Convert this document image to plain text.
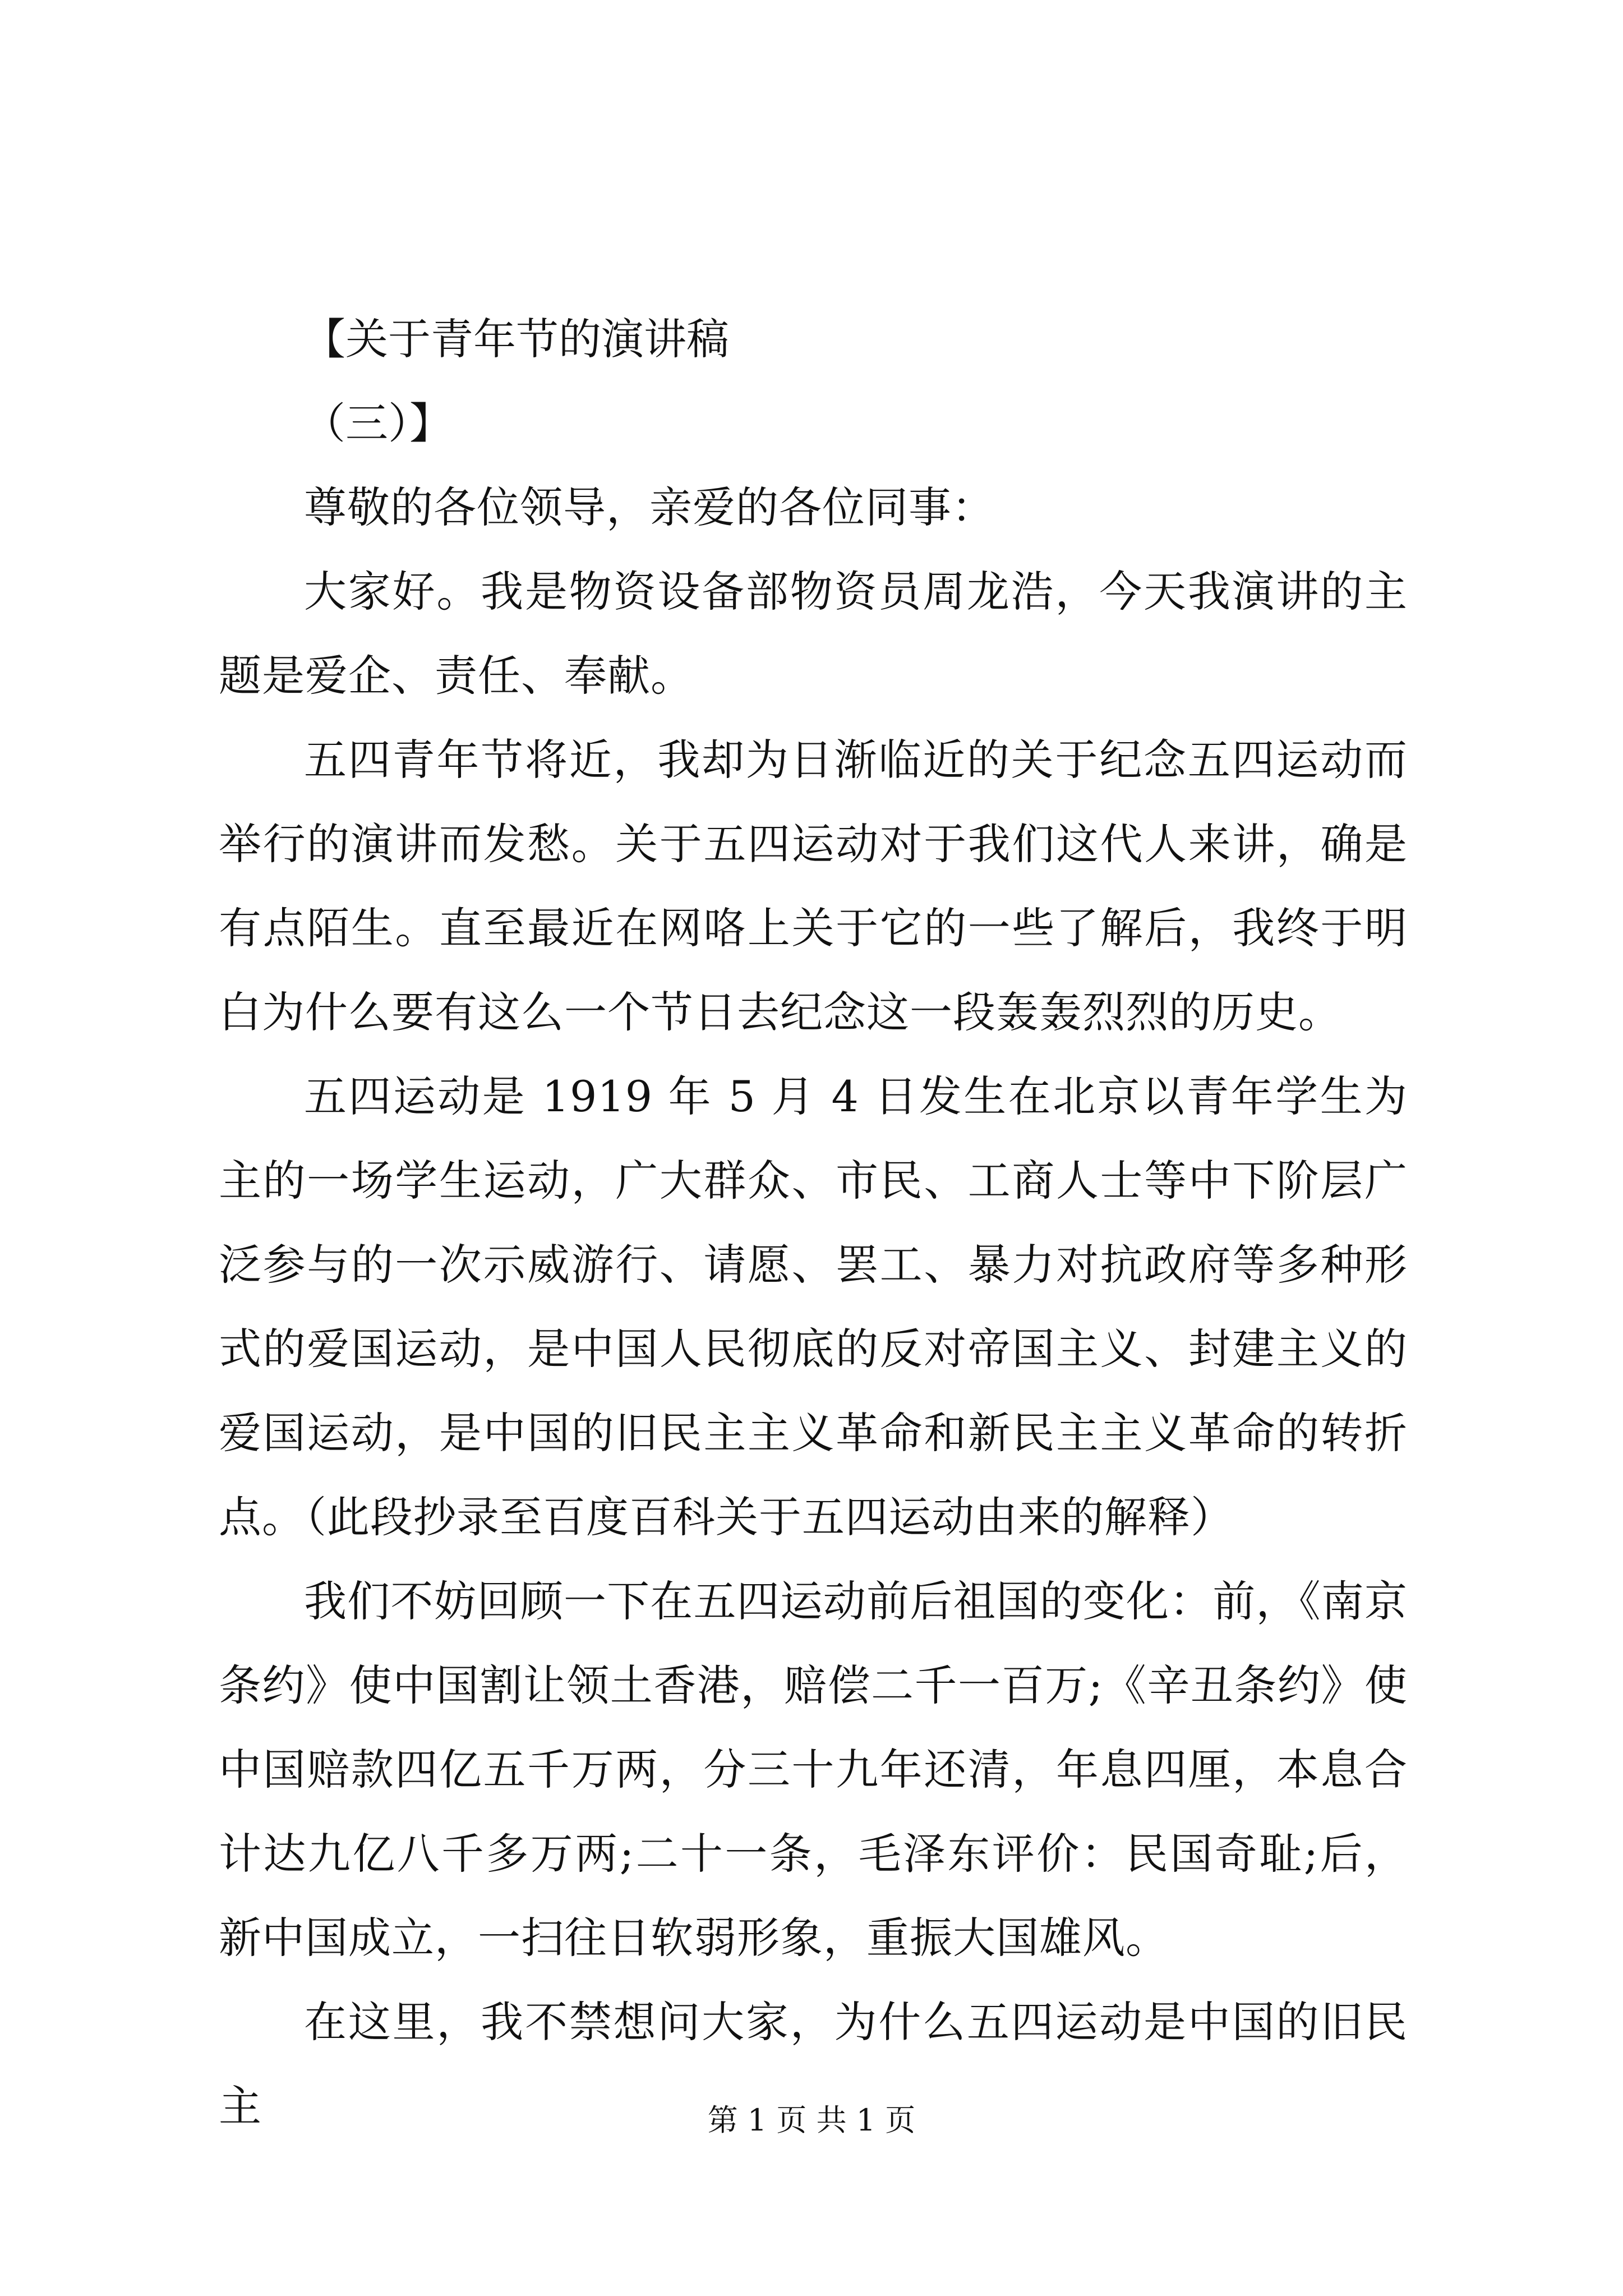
【关于青年节的演讲稿
（三）】

尊敬的各位领导，亲爱的各位同事：

大家好。我是物资设备部物资员周龙浩，今天我演讲的主题是爱企、责任、奉献。

五四青年节将近，我却为日渐临近的关于纪念五四运动而举行的演讲而发愁。关于五四运动对于我们这代人来讲，确是有点陌生。直至最近在网咯上关于它的一些了解后，我终于明白为什么要有这么一个节日去纪念这一段轰轰烈烈的历史。

五四运动是 1919 年 5 月 4 日发生在北京以青年学生为主的一场学生运动，广大群众、市民、工商人士等中下阶层广泛参与的一次示威游行、请愿、罢工、暴力对抗政府等多种形式的爱国运动，是中国人民彻底的反对帝国主义、封建主义的爱国运动，是中国的旧民主主义革命和新民主主义革命的转折点。（此段抄录至百度百科关于五四运动由来的解释）

我们不妨回顾一下在五四运动前后祖国的变化：前，《南京条约》使中国割让领土香港，赔偿二千一百万;《辛丑条约》使中国赔款四亿五千万两，分三十九年还清，年息四厘，本息合计达九亿八千多万两;二十一条，毛泽东评价：民国奇耻;后，新中国成立，一扫往日软弱形象，重振大国雄风。

在这里，我不禁想问大家，为什么五四运动是中国的旧民主	第 1 页 共 1 页
